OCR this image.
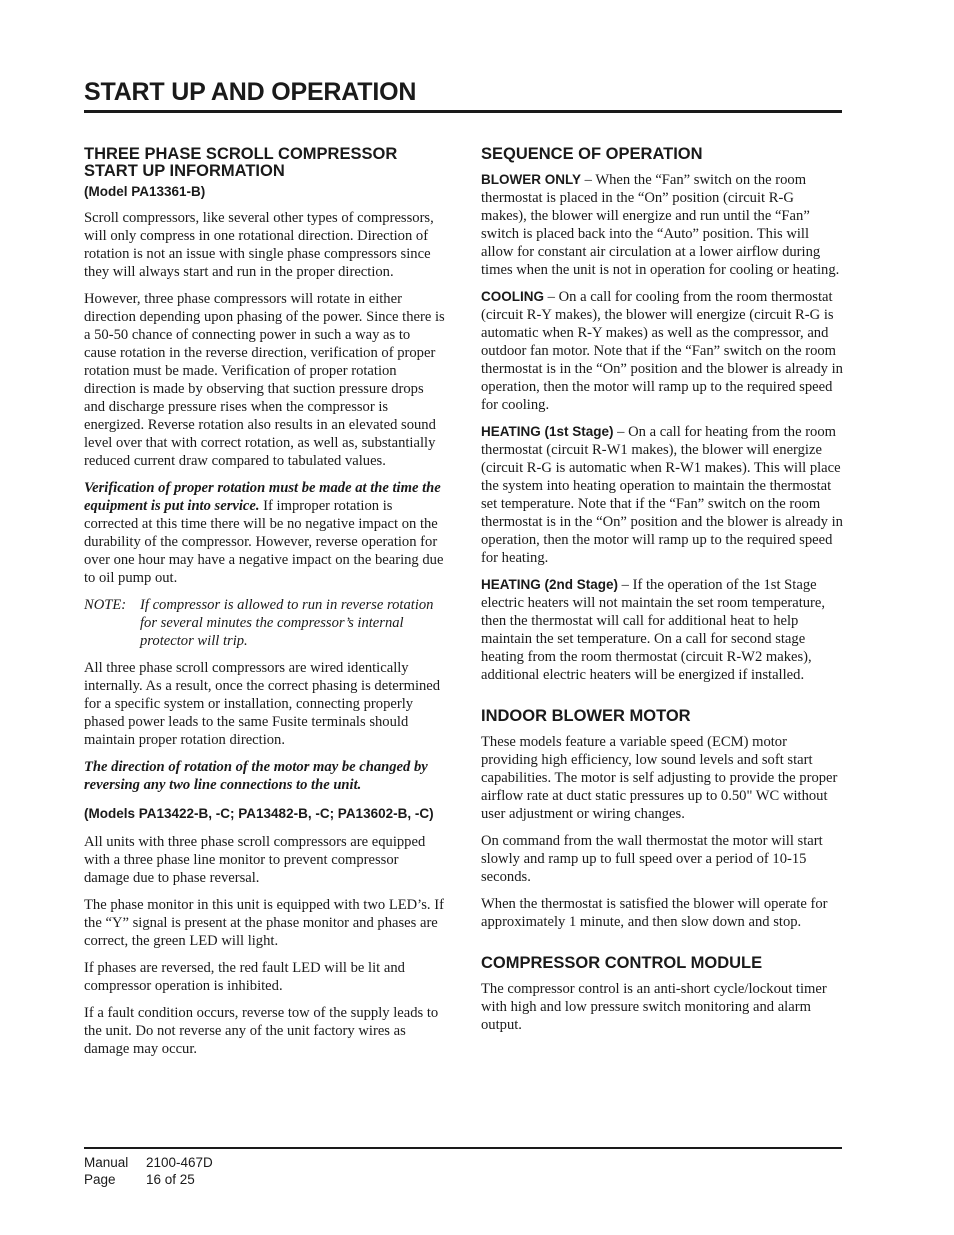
START UP AND OPERATION
THREE PHASE SCROLL COMPRESSOR START UP INFORMATION
(Model PA13361-B)

Scroll compressors, like several other types of compressors, will only compress in one rotational direction. Direction of rotation is not an issue with single phase compressors since they will always start and run in the proper direction.

However, three phase compressors will rotate in either direction depending upon phasing of the power. Since there is a 50-50 chance of connecting power in such a way as to cause rotation in the reverse direction, verification of proper rotation must be made. Verification of proper rotation direction is made by observing that suction pressure drops and discharge pressure rises when the compressor is energized. Reverse rotation also results in an elevated sound level over that with correct rotation, as well as, substantially reduced current draw compared to tabulated values.

Verification of proper rotation must be made at the time the equipment is put into service. If improper rotation is corrected at this time there will be no negative impact on the durability of the compressor. However, reverse operation for over one hour may have a negative impact on the bearing due to oil pump out.

NOTE: If compressor is allowed to run in reverse rotation for several minutes the compressor’s internal protector will trip.

All three phase scroll compressors are wired identically internally. As a result, once the correct phasing is determined for a specific system or installation, connecting properly phased power leads to the same Fusite terminals should maintain proper rotation direction.

The direction of rotation of the motor may be changed by reversing any two line connections to the unit.

(Models PA13422-B, -C; PA13482-B, -C; PA13602-B, -C)

All units with three phase scroll compressors are equipped with a three phase line monitor to prevent compressor damage due to phase reversal.

The phase monitor in this unit is equipped with two LED’s. If the “Y” signal is present at the phase monitor and phases are correct, the green LED will light.

If phases are reversed, the red fault LED will be lit and compressor operation is inhibited.

If a fault condition occurs, reverse tow of the supply leads to the unit. Do not reverse any of the unit factory wires as damage may occur.

SEQUENCE OF OPERATION

BLOWER ONLY – When the “Fan” switch on the room thermostat is placed in the “On” position (circuit R-G makes), the blower will energize and run until the “Fan” switch is placed back into the “Auto” position. This will allow for constant air circulation at a lower airflow during times when the unit is not in operation for cooling or heating.

COOLING – On a call for cooling from the room thermostat (circuit R-Y makes), the blower will energize (circuit R-G is automatic when R-Y makes) as well as the compressor, and outdoor fan motor. Note that if the “Fan” switch on the room thermostat is in the “On” position and the blower is already in operation, then the motor will ramp up to the required speed for cooling.

HEATING (1st Stage) – On a call for heating from the room thermostat (circuit R-W1 makes), the blower will energize (circuit R-G is automatic when R-W1 makes). This will place the system into heating operation to maintain the thermostat set temperature. Note that if the “Fan” switch on the room thermostat is in the “On” position and the blower is already in operation, then the motor will ramp up to the required speed for heating.

HEATING (2nd Stage) – If the operation of the 1st Stage electric heaters will not maintain the set room temperature, then the thermostat will call for additional heat to help maintain the set temperature. On a call for second stage heating from the room thermostat (circuit R-W2 makes), additional electric heaters will be energized if installed.

INDOOR BLOWER MOTOR

These models feature a variable speed (ECM) motor providing high efficiency, low sound levels and soft start capabilities. The motor is self adjusting to provide the proper airflow rate at duct static pressures up to 0.50" WC without user adjustment or wiring changes.

On command from the wall thermostat the motor will start slowly and ramp up to full speed over a period of 10-15 seconds.

When the thermostat is satisfied the blower will operate for approximately 1 minute, and then slow down and stop.

COMPRESSOR CONTROL MODULE

The compressor control is an anti-short cycle/lockout timer with high and low pressure switch monitoring and alarm output.

Manual 2100-467D
Page 16 of 25
